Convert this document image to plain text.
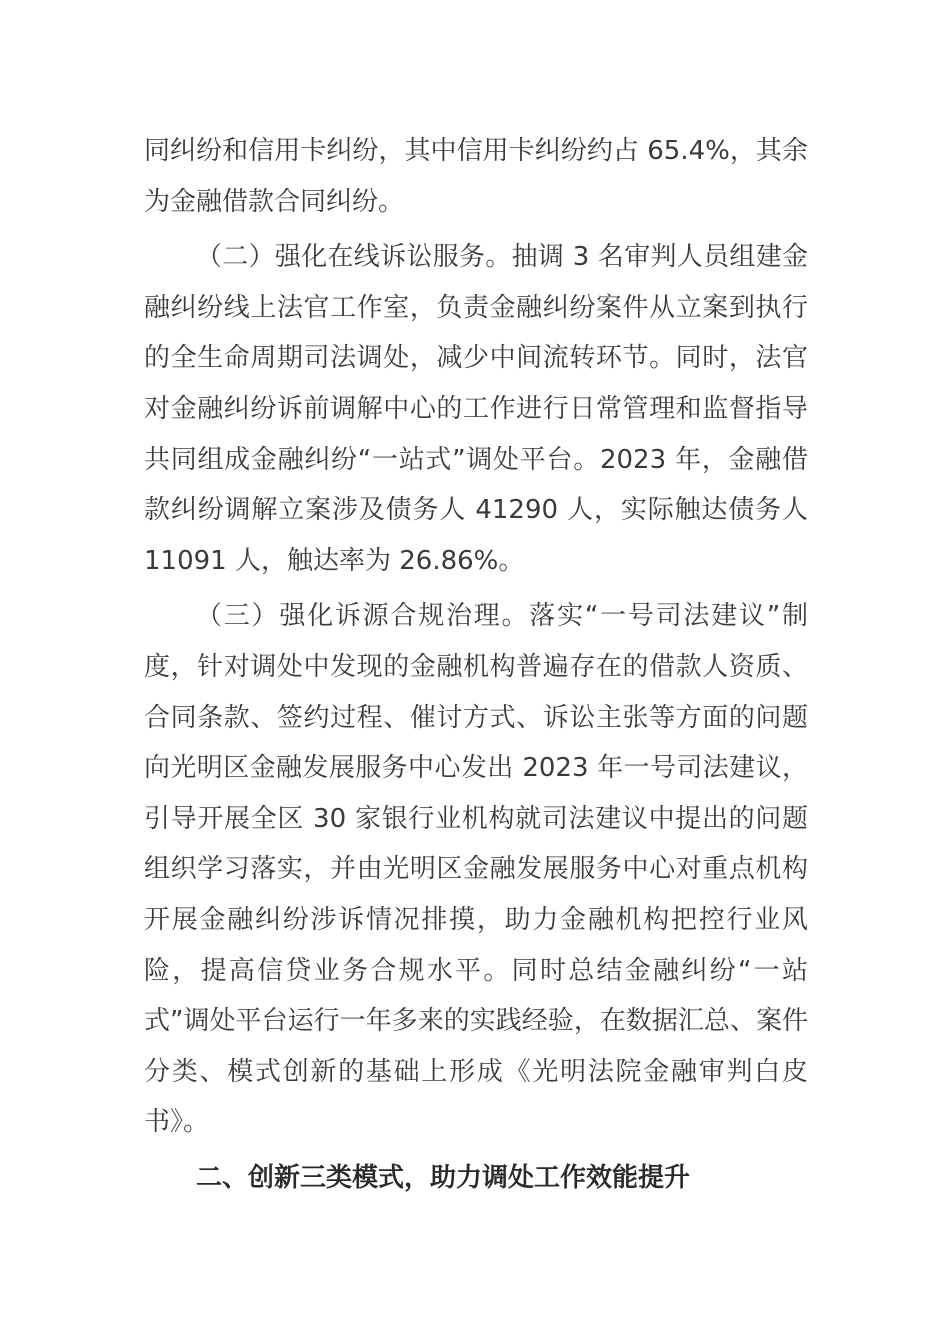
同纠纷和信用卡纠纷，其中信用卡纠纷约占 65.4%，其余为金融借款合同纠纷。

（二）强化在线诉讼服务。抽调 3 名审判人员组建金融纠纷线上法官工作室，负责金融纠纷案件从立案到执行的全生命周期司法调处，减少中间流转环节。同时，法官对金融纠纷诉前调解中心的工作进行日常管理和监督指导共同组成金融纠纷“一站式”调处平台。2023 年，金融借款纠纷调解立案涉及债务人 41290 人，实际触达债务人 11091 人，触达率为 26.86%。

（三）强化诉源合规治理。落实“一号司法建议”制度，针对调处中发现的金融机构普遍存在的借款人资质、合同条款、签约过程、催讨方式、诉讼主张等方面的问题向光明区金融发展服务中心发出 2023 年一号司法建议，引导开展全区 30 家银行业机构就司法建议中提出的问题组织学习落实，并由光明区金融发展服务中心对重点机构开展金融纠纷涉诉情况排摸，助力金融机构把控行业风险，提高信贷业务合规水平。同时总结金融纠纷“一站式”调处平台运行一年多来的实践经验，在数据汇总、案件分类、模式创新的基础上形成《光明法院金融审判白皮书》。

二、创新三类模式，助力调处工作效能提升
